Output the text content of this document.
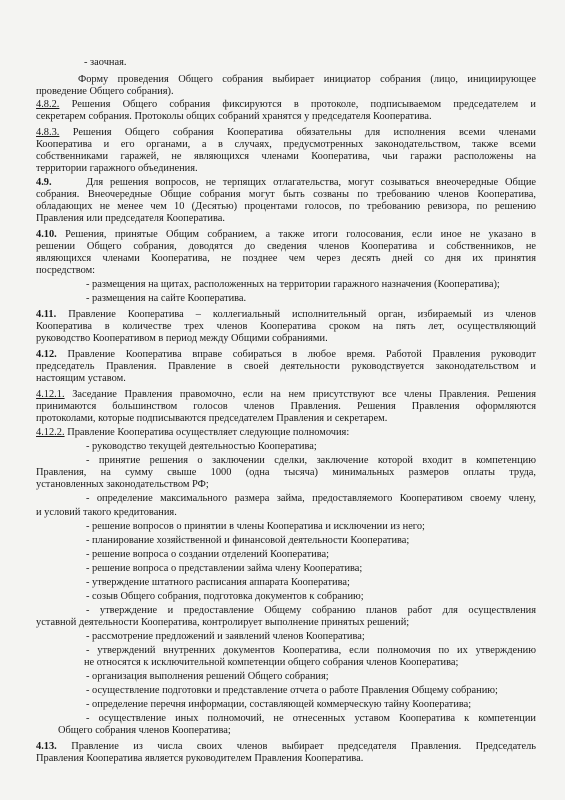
- заочная.
Форму проведения Общего собрания выбирает инициатор собрания (лицо, инициирующее
проведение Общего собрания).
4.8.2. Решения Общего собрания фиксируются в протоколе, подписываемом председателем и
секретарем собрания. Протоколы общих собраний хранятся у председателя Кооператива.
4.8.3. Решения Общего собрания Кооператива обязательны для исполнения всеми членами
Кооператива и его органами, а в случаях, предусмотренных законодательством, также всеми
собственниками гаражей, не являющихся членами Кооператива, чьи гаражи расположены на
территории гаражного объединения.
4.9.	Для решения вопросов, не терпящих отлагательства, могут созываться внеочередные Общие
собрания. Внеочередные Общие собрания могут быть созваны по требованию членов Кооператива,
обладающих не менее чем 10 (Десятью) процентами голосов, по требованию ревизора, по решению
Правления или председателя Кооператива.
4.10. Решения, принятые Общим собранием, а также итоги голосования, если иное не указано в
решении Общего собрания, доводятся до сведения членов Кооператива и собственников, не
являющихся членами Кооператива, не позднее чем через десять дней со дня их принятия
посредством:
- размещения на щитах, расположенных на территории гаражного назначения (Кооператива);
- размещения на сайте Кооператива.
4.11. Правление Кооператива – коллегиальный исполнительный орган, избираемый из членов
Кооператива в количестве трех членов Кооператива сроком на пять лет, осуществляющий
руководство Кооперативом в период между Общими собраниями.
4.12. Правление Кооператива вправе собираться в любое время. Работой Правления руководит
председатель Правления. Правление в своей деятельности руководствуется законодательством и
настоящим уставом.
4.12.1. Заседание Правления правомочно, если на нем присутствуют все члены Правления. Решения
принимаются большинством голосов членов Правления. Решения Правления оформляются
протоколами, которые подписываются председателем Правления и секретарем.
4.12.2. Правление Кооператива осуществляет следующие полномочия:
- руководство текущей деятельностью Кооператива;
- принятие решения о заключении сделки, заключение которой входит в компетенцию
Правления, на сумму свыше 1000 (одна тысяча) минимальных размеров оплаты труда,
установленных законодательством РФ;
- определение максимального размера займа, предоставляемого Кооперативом своему члену,
и условий такого кредитования.
- решение вопросов о принятии в члены Кооператива и исключении из него;
- планирование хозяйственной и финансовой деятельности Кооператива;
- решение вопроса о создании отделений Кооператива;
- решение вопроса о представлении займа члену Кооператива;
- утверждение штатного расписания аппарата Кооператива;
- созыв Общего собрания, подготовка документов к собранию;
- утверждение и предоставление Общему собранию планов работ для осуществления
уставной деятельности Кооператива, контролирует выполнение принятых решений;
- рассмотрение предложений и заявлений членов Кооператива;
- утверждений внутренних документов Кооператива, если полномочия по их утверждению
не относятся к исключительной компетенции общего собрания членов Кооператива;
- организация выполнения решений Общего собрания;
- осуществление подготовки и представление отчета о работе Правления Общему собранию;
- определение перечня информации, составляющей коммерческую тайну Кооператива;
- осуществление иных полномочий, не отнесенных уставом Кооператива к компетенции
Общего собрания членов Кооператива;
4.13. Правление из числа своих членов выбирает председателя Правления. Председатель
Правления Кооператива является руководителем Правления Кооператива.
